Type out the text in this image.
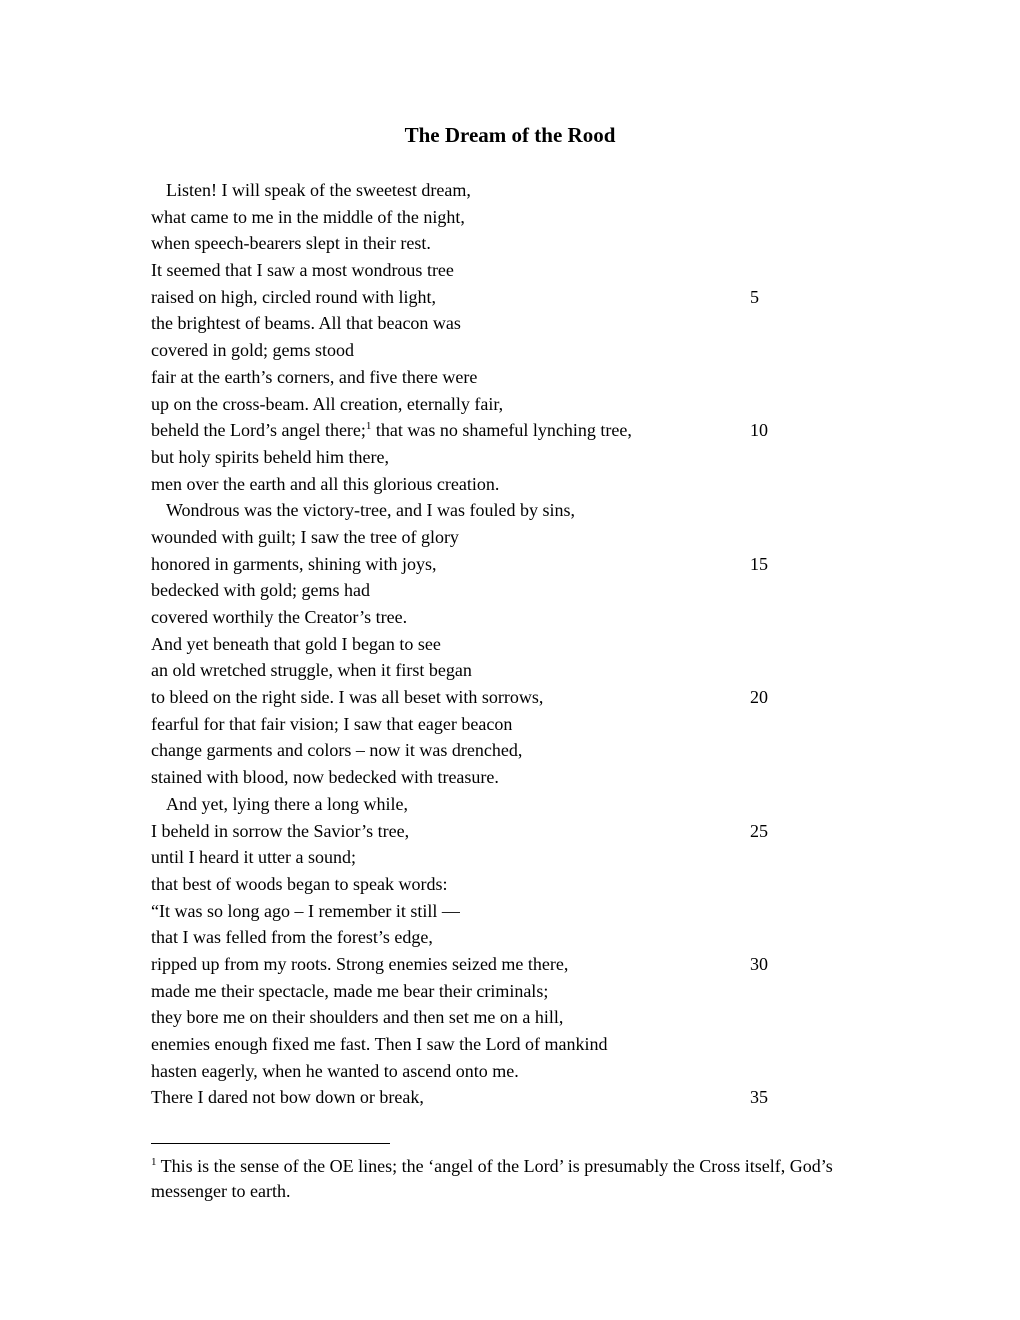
The Dream of the Rood
Listen! I will speak of the sweetest dream,
what came to me in the middle of the night,
when speech-bearers slept in their rest.
It seemed that I saw a most wondrous tree
raised on high, circled round with light,	5
the brightest of beams. All that beacon was
covered in gold; gems stood
fair at the earth’s corners, and five there were
up on the cross-beam. All creation, eternally fair,
beheld the Lord’s angel there;$^1$ that was no shameful lynching tree,	10
but holy spirits beheld him there,
men over the earth and all this glorious creation.
Wondrous was the victory-tree, and I was fouled by sins,
wounded with guilt; I saw the tree of glory
honored in garments, shining with joys,	15
bedecked with gold; gems had
covered worthily the Creator’s tree.
And yet beneath that gold I began to see
an old wretched struggle, when it first began
to bleed on the right side. I was all beset with sorrows,	20
fearful for that fair vision; I saw that eager beacon
change garments and colors – now it was drenched,
stained with blood, now bedecked with treasure.
And yet, lying there a long while,
I beheld in sorrow the Savior’s tree,	25
until I heard it utter a sound;
that best of woods began to speak words:
“It was so long ago – I remember it still —
that I was felled from the forest’s edge,
ripped up from my roots. Strong enemies seized me there,	30
made me their spectacle, made me bear their criminals;
they bore me on their shoulders and then set me on a hill,
enemies enough fixed me fast. Then I saw the Lord of mankind
hasten eagerly, when he wanted to ascend onto me.
There I dared not bow down or break,	35
$^1$ This is the sense of the OE lines; the ‘angel of the Lord’ is presumably the Cross itself, God’s messenger to earth.
